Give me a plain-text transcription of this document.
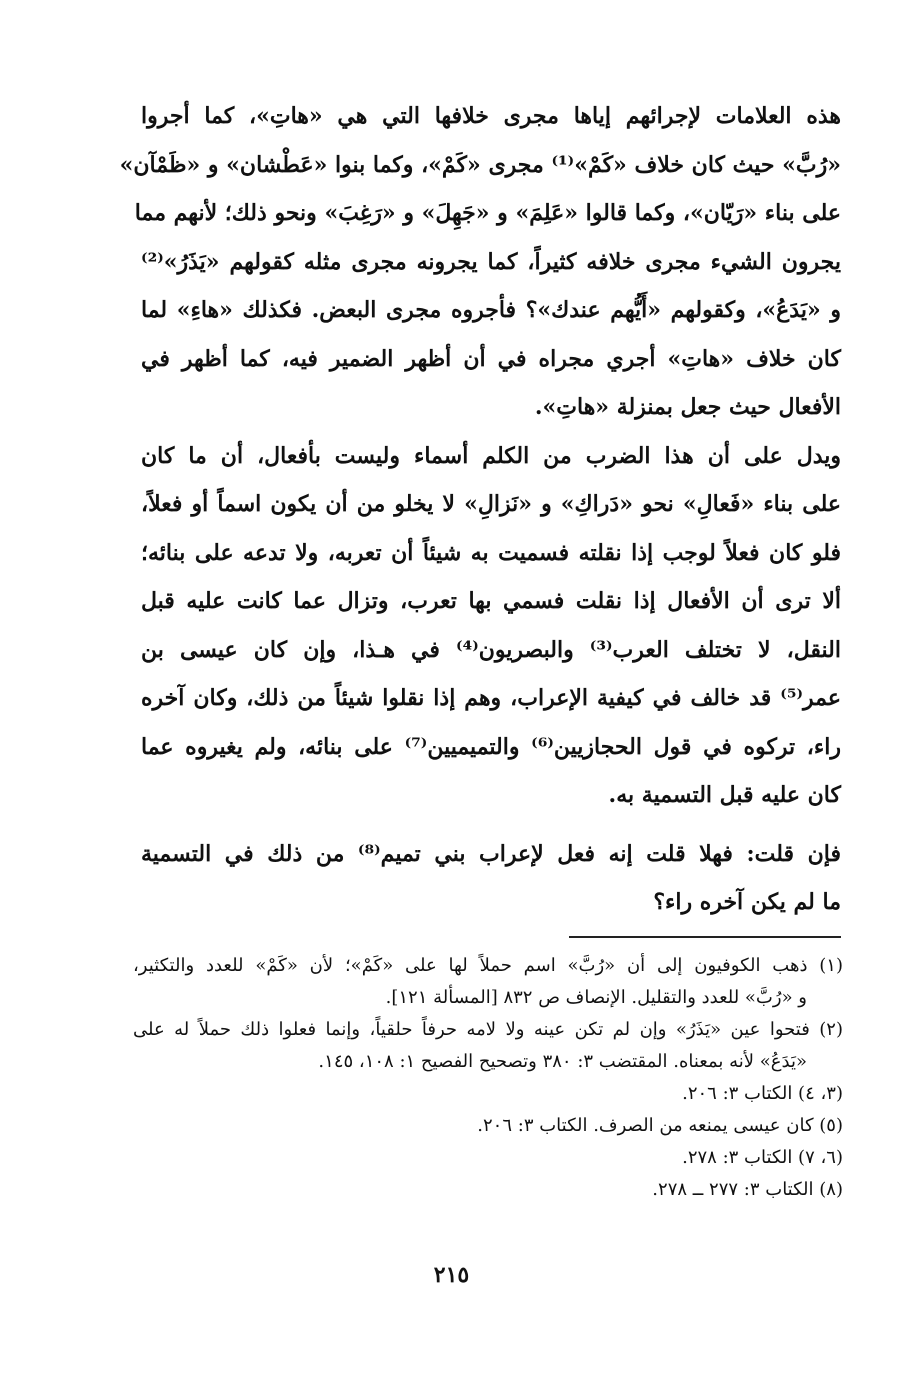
هذه العلامات لإجرائهم إياها مجرى خلافها التي هي «هاتِ»، كما أجروا
«رُبَّ» حيث كان خلاف «كَمْ»⁽¹⁾ مجرى «كَمْ»، وكما بنوا «عَطْشان» و «ظَمْآن»
على بناء «رَيّان»، وكما قالوا «عَلِمَ» و «جَهِلَ» و «رَغِبَ» ونحو ذلك؛ لأنهم مما
يجرون الشيء مجرى خلافه كثيراً، كما يجرونه مجرى مثله كقولهم «يَذَرُ»⁽²⁾
و «يَدَعُ»، وكقولهم «أَيُّهم عندك»؟ فأجروه مجرى البعض. فكذلك «هاءِ» لما
كان خلاف «هاتِ» أجري مجراه في أن أظهر الضمير فيه، كما أظهر في
الأفعال حيث جعل بمنزلة «هاتِ».
ويدل على أن هذا الضرب من الكلم أسماء وليست بأفعال، أن ما كان
على بناء «فَعالِ» نحو «دَراكِ» و «نَزالِ» لا يخلو من أن يكون اسماً أو فعلاً،
فلو كان فعلاً لوجب إذا نقلته فسميت به شيئاً أن تعربه، ولا تدعه على بنائه؛
ألا ترى أن الأفعال إذا نقلت فسمي بها تعرب، وتزال عما كانت عليه قبل
النقل، لا تختلف العرب⁽³⁾ والبصريون⁽⁴⁾ في هـذا، وإن كان عيسى بن
عمر⁽⁵⁾ قد خالف في كيفية الإعراب، وهم إذا نقلوا شيئاً من ذلك، وكان آخره
راء، تركوه في قول الحجازيين⁽⁶⁾ والتميميين⁽⁷⁾ على بنائه، ولم يغيروه عما
كان عليه قبل التسمية به.
فإن قلت: فهلا قلت إنه فعل لإعراب بني تميم⁽⁸⁾ من ذلك في التسمية
ما لم يكن آخره راء؟
(١) ذهب الكوفيون إلى أن «رُبَّ» اسم حملاً لها على «كَمْ»؛ لأن «كَمْ» للعدد والتكثير،
و «رُبَّ» للعدد والتقليل. الإنصاف ص ٨٣٢ [المسألة ١٢١].
(٢) فتحوا عين «يَذَرُ» وإن لم تكن عينه ولا لامه حرفاً حلقياً، وإنما فعلوا ذلك حملاً له على
«يَدَعُ» لأنه بمعناه. المقتضب ٣: ٣٨٠ وتصحيح الفصيح ١: ١٠٨، ١٤٥.
(٣، ٤) الكتاب ٣: ٢٠٦.
(٥) كان عيسى يمنعه من الصرف. الكتاب ٣: ٢٠٦.
(٦، ٧) الكتاب ٣: ٢٧٨.
(٨) الكتاب ٣: ٢٧٧ ــ ٢٧٨.
٢١٥
